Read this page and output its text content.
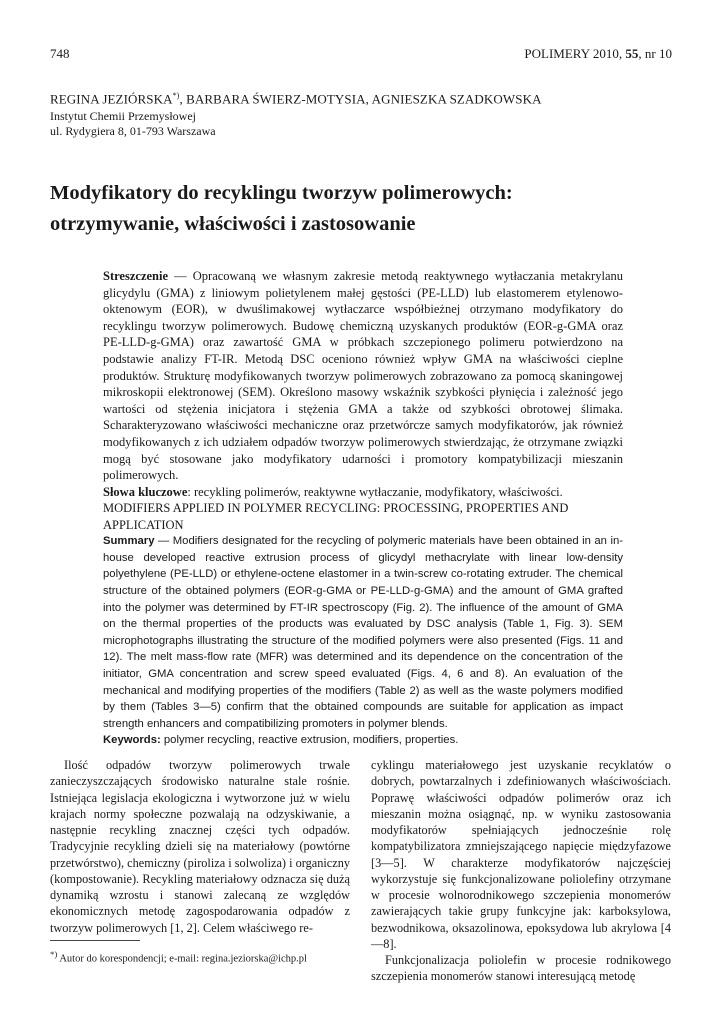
748	POLIMERY 2010, 55, nr 10
REGINA JEZIÓRSKA*), BARBARA ŚWIERZ-MOTYSIA, AGNIESZKA SZADKOWSKA
Instytut Chemii Przemysłowej
ul. Rydygiera 8, 01-793 Warszawa
Modyfikatory do recyklingu tworzyw polimerowych:
otrzymywanie, właściwości i zastosowanie

Streszczenie — Opracowaną we własnym zakresie metodą reaktywnego wytłaczania metakrylanu glicydylu (GMA) z liniowym polietylenem małej gęstości (PE-LLD) lub elastomerem etylenowo-oktenowym (EOR), w dwuślimakowej wytłaczarce współbieżnej otrzymano modyfikatory do recyklingu tworzyw polimerowych. Budowę chemiczną uzyskanych produktów (EOR-g-GMA oraz PE-LLD-g-GMA) oraz zawartość GMA w próbkach szczepionego polimeru potwierdzono na podstawie analizy FT-IR. Metodą DSC oceniono również wpływ GMA na właściwości cieplne produktów. Strukturę modyfikowanych tworzyw polimerowych zobrazowano za pomocą skaningowej mikroskopii elektronowej (SEM). Określono masowy wskaźnik szybkości płynięcia i zależność jego wartości od stężenia inicjatora i stężenia GMA a także od szybkości obrotowej ślimaka. Scharakteryzowano właściwości mechaniczne oraz przetwórcze samych modyfikatorów, jak również modyfikowanych z ich udziałem odpadów tworzyw polimerowych stwierdzając, że otrzymane związki mogą być stosowane jako modyfikatory udarności i promotory kompatybilizacji mieszanin polimerowych.

Słowa kluczowe: recykling polimerów, reaktywne wytłaczanie, modyfikatory, właściwości.

MODIFIERS APPLIED IN POLYMER RECYCLING: PROCESSING, PROPERTIES AND APPLICATION

Summary — Modifiers designated for the recycling of polymeric materials have been obtained in an in-house developed reactive extrusion process of glicydyl methacrylate with linear low-density polyethylene (PE-LLD) or ethylene-octene elastomer in a twin-screw co-rotating extruder. The chemical structure of the obtained polymers (EOR-g-GMA or PE-LLD-g-GMA) and the amount of GMA grafted into the polymer was determined by FT-IR spectroscopy (Fig. 2). The influence of the amount of GMA on the thermal properties of the products was evaluated by DSC analysis (Table 1, Fig. 3). SEM microphotographs illustrating the structure of the modified polymers were also presented (Figs. 11 and 12). The melt mass-flow rate (MFR) was determined and its dependence on the concentration of the initiator, GMA concentration and screw speed evaluated (Figs. 4, 6 and 8). An evaluation of the mechanical and modifying properties of the modifiers (Table 2) as well as the waste polymers modified by them (Tables 3—5) confirm that the obtained compounds are suitable for application as impact strength enhancers and compatibilizing promoters in polymer blends.

Keywords: polymer recycling, reactive extrusion, modifiers, properties.

Ilość odpadów tworzyw polimerowych trwale zanieczyszczających środowisko naturalne stale rośnie. Istniejąca legislacja ekologiczna i wytworzone już w wielu krajach normy społeczne pozwalają na odzyskiwanie, a następnie recykling znacznej części tych odpadów. Tradycyjnie recykling dzieli się na materiałowy (powtórne przetwórstwo), chemiczny (piroliza i solwoliza) i organiczny (kompostowanie). Recykling materiałowy odznacza się dużą dynamiką wzrostu i stanowi zalecaną ze względów ekonomicznych metodę zagospodarowania odpadów z tworzyw polimerowych [1, 2]. Celem właściwego re-

cyklingu materiałowego jest uzyskanie recyklatów o dobrych, powtarzalnych i zdefiniowanych właściwościach. Poprawę właściwości odpadów polimerów oraz ich mieszanin można osiągnąć, np. w wyniku zastosowania modyfikatorów spełniających jednocześnie rolę kompatybilizatora zmniejszającego napięcie międzyfazowe [3—5]. W charakterze modyfikatorów najczęściej wykorzystuje się funkcjonalizowane poliolefiny otrzymane w procesie wolnorodnikowego szczepienia monomerów zawierających takie grupy funkcyjne jak: karboksylowa, bezwodnikowa, oksazolinowa, epoksydowa lub akrylowa [4—8].

Funkcjonalizacja poliolefin w procesie rodnikowego szczepienia monomerów stanowi interesującą metodę

*) Autor do korespondencji; e-mail: regina.jeziorska@ichp.pl
